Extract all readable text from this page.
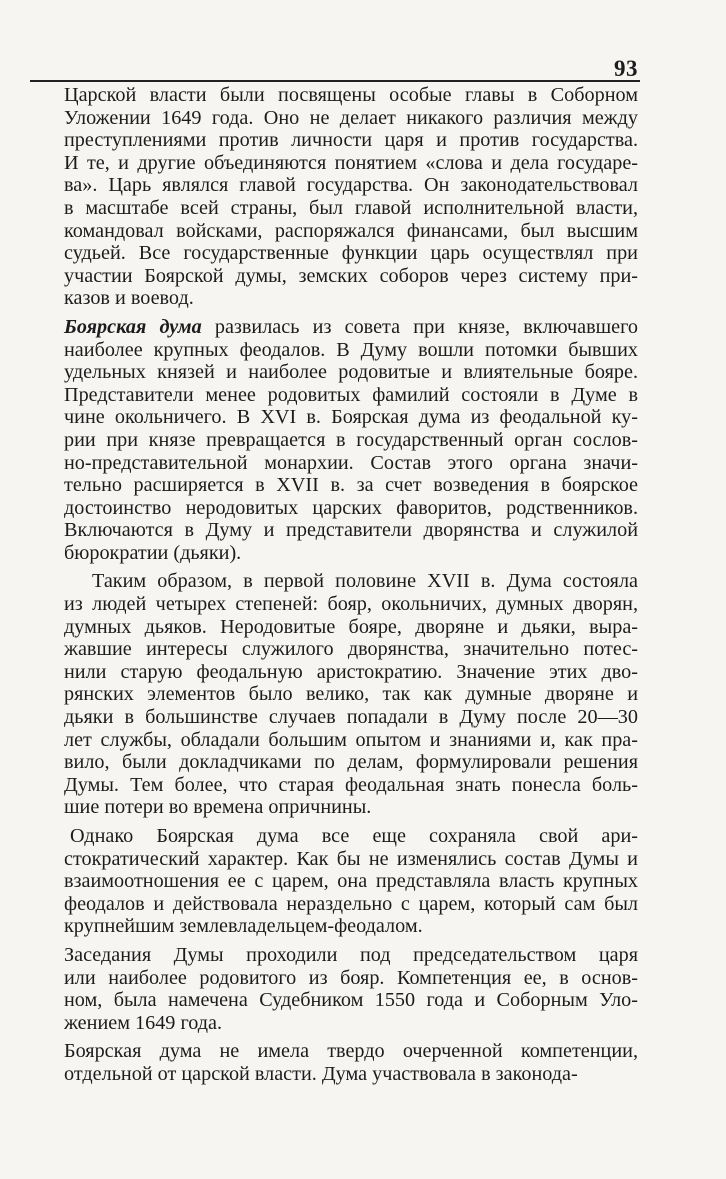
93
Царской власти были посвящены особые главы в Соборном
Уложении 1649 года. Оно не делает никакого различия между
преступлениями против личности царя и против государства.
И те, и другие объединяются понятием «слова и дела государе-
ва». Царь являлся главой государства. Он законодательствовал
в масштабе всей страны, был главой исполнительной власти,
командовал войсками, распоряжался финансами, был высшим
судьей. Все государственные функции царь осуществлял при
участии Боярской думы, земских соборов через систему при-
казов и воевод.
Боярская дума развилась из совета при князе, включавшего
наиболее крупных феодалов. В Думу вошли потомки бывших
удельных князей и наиболее родовитые и влиятельные бояре.
Представители менее родовитых фамилий состояли в Думе в
чине окольничего. В XVI в. Боярская дума из феодальной ку-
рии при князе превращается в государственный орган сослов-
но-представительной монархии. Состав этого органа значи-
тельно расширяется в XVII в. за счет возведения в боярское
достоинство неродовитых царских фаворитов, родственников.
Включаются в Думу и представители дворянства и служилой
бюрократии (дьяки).
Таким образом, в первой половине XVII в. Дума состояла
из людей четырех степеней: бояр, окольничих, думных дворян,
думных дьяков. Неродовитые бояре, дворяне и дьяки, выра-
жавшие интересы служилого дворянства, значительно потес-
нили старую феодальную аристократию. Значение этих дво-
рянских элементов было велико, так как думные дворяне и
дьяки в большинстве случаев попадали в Думу после 20—30
лет службы, обладали большим опытом и знаниями и, как пра-
вило, были докладчиками по делам, формулировали решения
Думы. Тем более, что старая феодальная знать понесла боль-
шие потери во времена опричнины.
Однако Боярская дума все еще сохраняла свой ари-
стократический характер. Как бы не изменялись состав Думы и
взаимоотношения ее с царем, она представляла власть крупных
феодалов и действовала нераздельно с царем, который сам был
крупнейшим землевладельцем-феодалом.
Заседания Думы проходили под председательством царя
или наиболее родовитого из бояр. Компетенция ее, в основ-
ном, была намечена Судебником 1550 года и Соборным Уло-
жением 1649 года.
Боярская дума не имела твердо очерченной компетенции,
отдельной от царской власти. Дума участвовала в законода-
